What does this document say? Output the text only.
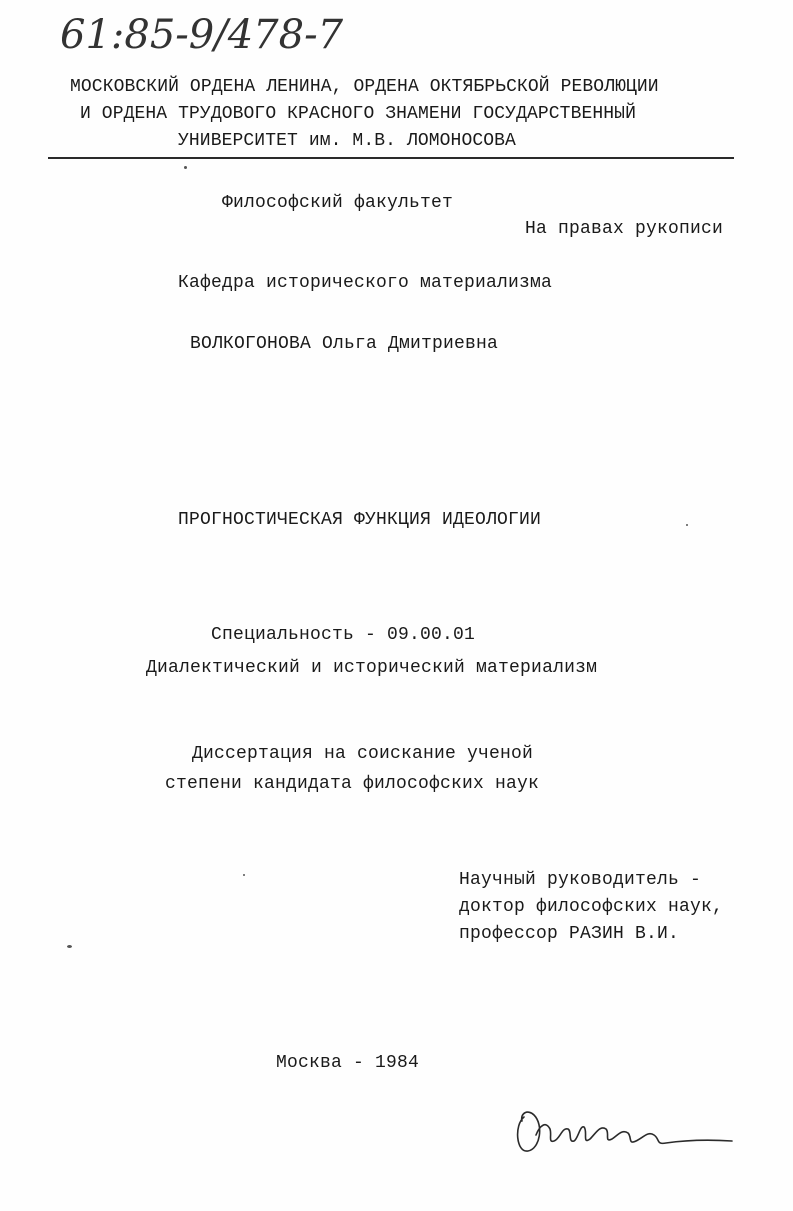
61:85-9/478-7
МОСКОВСКИЙ ОРДЕНА ЛЕНИНА, ОРДЕНА ОКТЯБРЬСКОЙ РЕВОЛЮЦИИ
И ОРДЕНА ТРУДОВОГО КРАСНОГО ЗНАМЕНИ ГОСУДАРСТВЕННЫЙ
УНИВЕРСИТЕТ им. М.В. ЛОМОНОСОВА
Философский факультет
На правах рукописи
Кафедра исторического материализма
ВОЛКОГОНОВА Ольга Дмитриевна
ПРОГНОСТИЧЕСКАЯ ФУНКЦИЯ ИДЕОЛОГИИ
Специальность - 09.00.01
Диалектический и исторический материализм
Диссертация на соискание ученой
степени кандидата философских наук
Научный руководитель -
доктор философских наук,
профессор РАЗИН В.И.
Москва - 1984
